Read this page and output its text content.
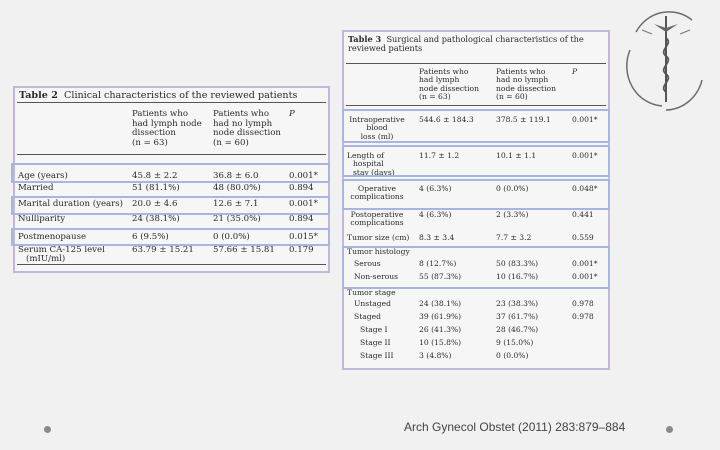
Table 2 Clinical characteristics of the reviewed patients
Patients who
had lymph node
dissection
(n = 63)
Patients who
had no lymph
node dissection
(n = 60)
P
Age (years)	45.8 ± 2.2	36.8 ± 6.0	0.001*
Married	51 (81.1%)	48 (80.0%)	0.894
Marital duration (years) 20.0 ± 4.6	12.6 ± 7.1	0.001*
Nulliparity	24 (38.1%)	21 (35.0%)	0.894
Postmenopause	6 (9.5%)	0 (0.0%)	0.015*
Serum CA-125 level
(mIU/ml)
63.79 ± 15.21 57.66 ± 15.81 0.179
Table 3 Surgical and pathological characteristics of the reviewed patients
Patients who
had lymph
node dissection
(n = 63)
Patients who
had no lymph
node dissection
(n = 60)
P
Intraoperative
blood
loss (ml)
544.6 ± 184.3	378.5 ± 119.1	0.001*
Length of
hospital
stay (days)
11.7 ± 1.2	10.1 ± 1.1	0.001*
Operative
complications
4 (6.3%)	0 (0.0%)	0.048*
Postoperative
complications
4 (6.3%)	2 (3.3%)	0.441
Tumor size (cm) 8.3 ± 3.4	7.7 ± 3.2	0.559
Tumor histology
Serous	8 (12.7%)	50 (83.3%)	0.001*
Non-serous	55 (87.3%)	10 (16.7%)	0.001*
Tumor stage
Unstaged	24 (38.1%)	23 (38.3%)	0.978
Staged	39 (61.9%)	37 (61.7%)	0.978
Stage I	26 (41.3%)	28 (46.7%)
Stage II	10 (15.8%)	9 (15.0%)
Stage III	3 (4.8%)	0 (0.0%)
Arch Gynecol Obstet (2011) 283:879–884
